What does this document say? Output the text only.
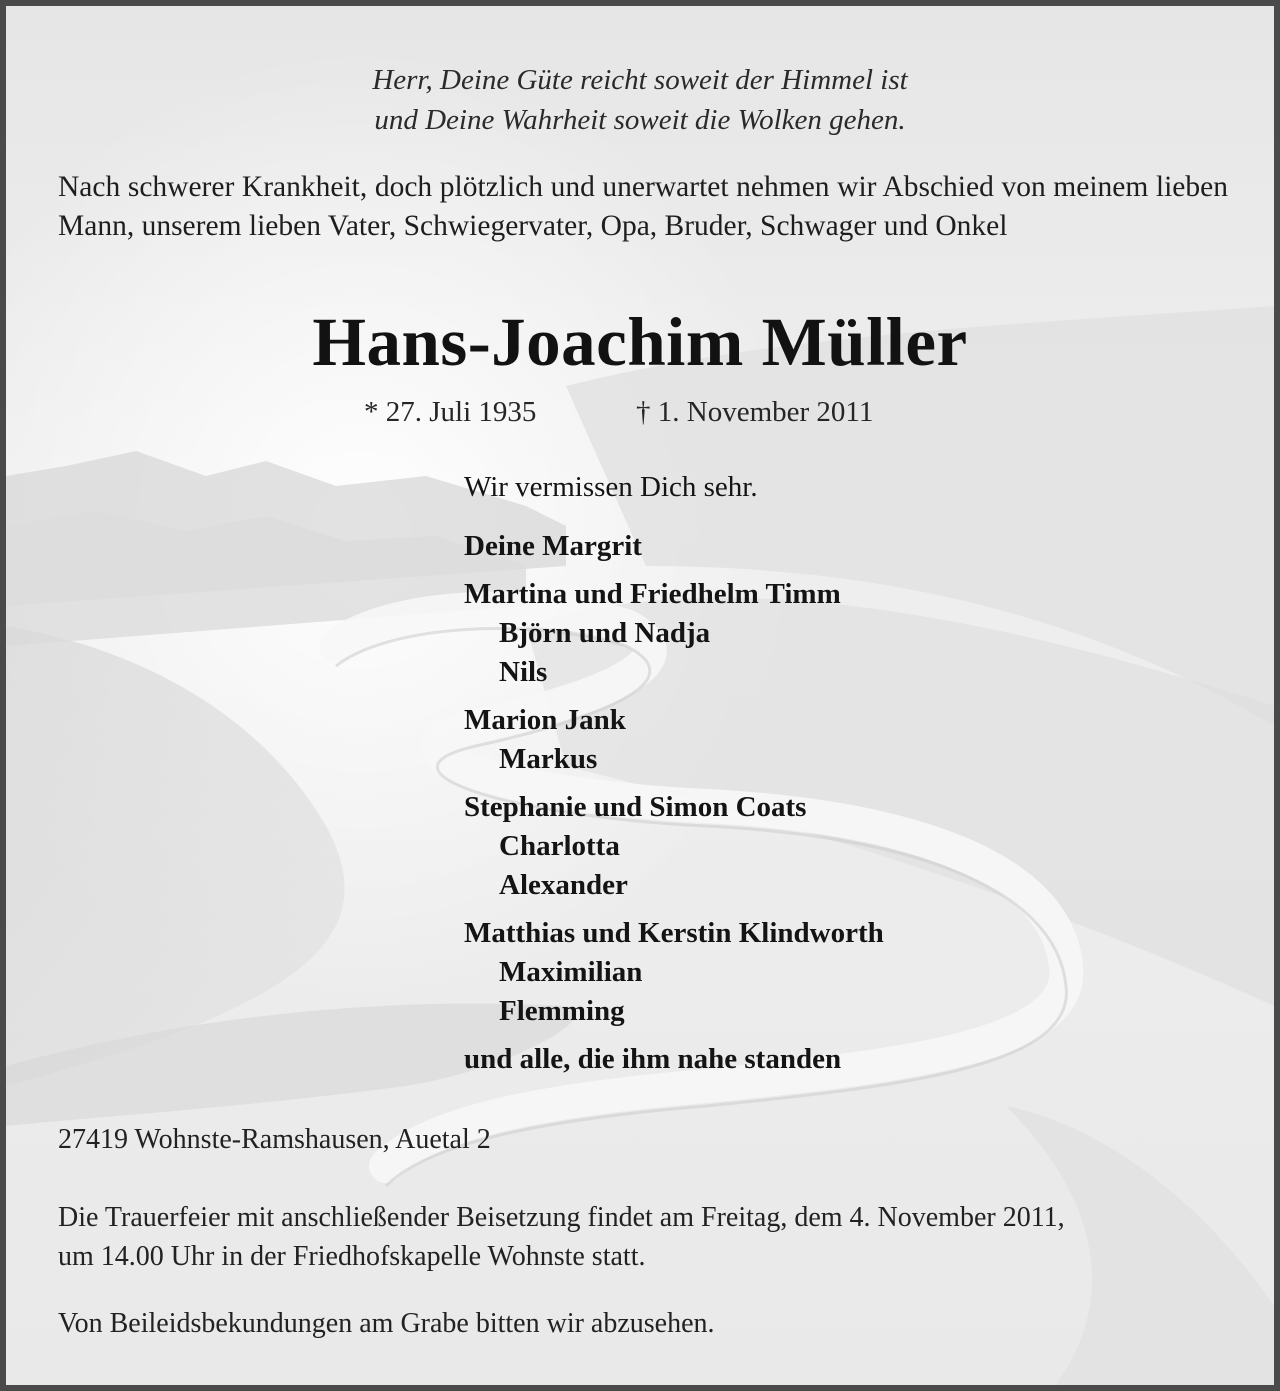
Herr, Deine Güte reicht soweit der Himmel ist

und Deine Wahrheit soweit die Wolken gehen.

Nach schwerer Krankheit, doch plötzlich und unerwartet nehmen wir Abschied von meinem lieben Mann, unserem lieben Vater, Schwiegervater, Opa, Bruder, Schwager und Onkel

Hans-Joachim Müller
* 27. Juli 1935	† 1. November 2011

Wir vermissen Dich sehr.

Deine Margrit
Martina und Friedhelm Timm
Björn und Nadja
Nils
Marion Jank
Markus
Stephanie und Simon Coats
Charlotta
Alexander
Matthias und Kerstin Klindworth
Maximilian
Flemming
und alle, die ihm nahe standen

27419 Wohnste-Ramshausen, Auetal 2

Die Trauerfeier mit anschließender Beisetzung findet am Freitag, dem 4. November 2011,

um 14.00 Uhr in der Friedhofskapelle Wohnste statt.

Von Beileidsbekundungen am Grabe bitten wir abzusehen.
